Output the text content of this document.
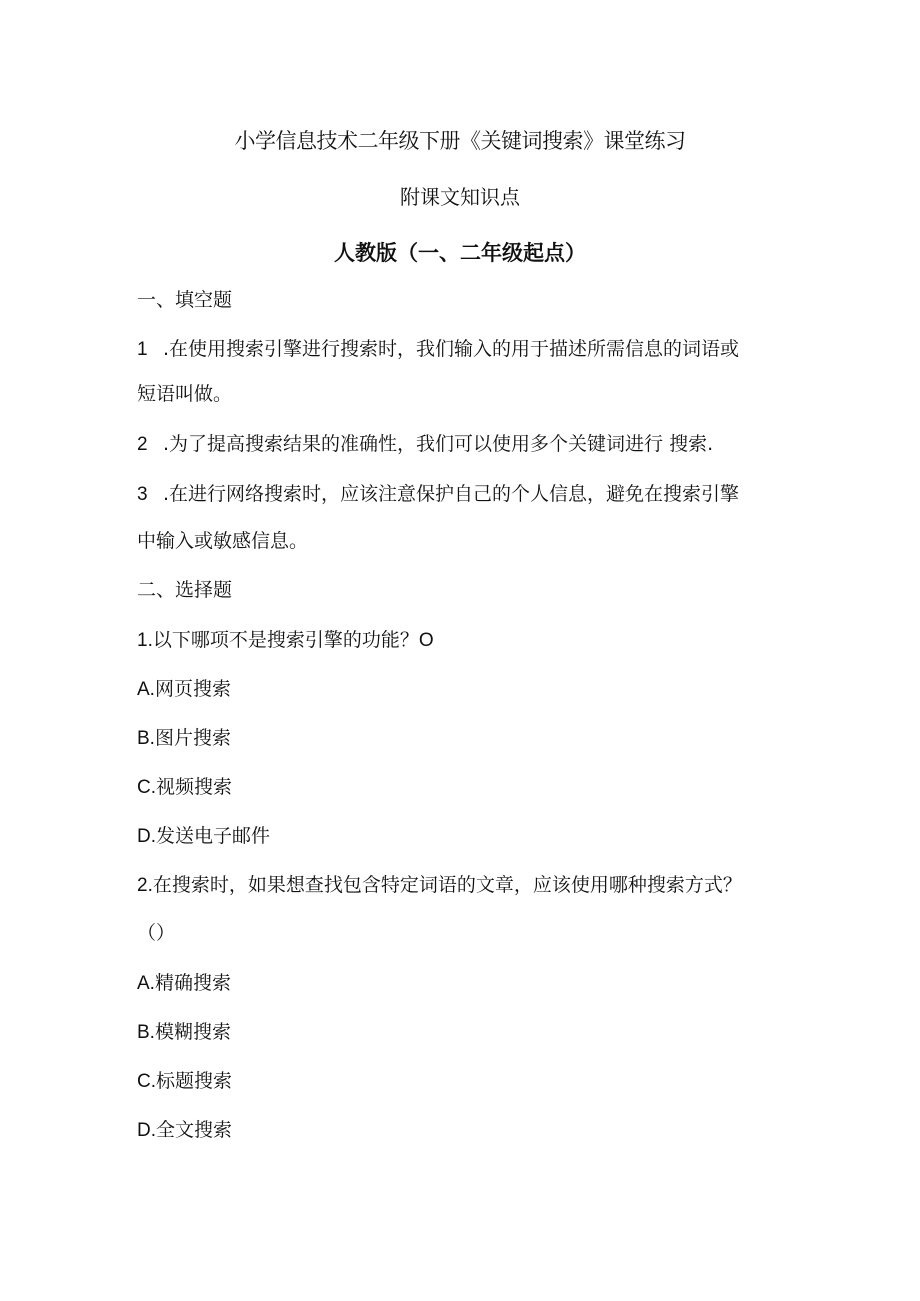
小学信息技术二年级下册《关键词搜索》课堂练习
附课文知识点
人教版（一、二年级起点）
一、填空题
1 .在使用搜索引擎进行搜索时，我们输入的用于描述所需信息的词语或
短语叫做。
2 .为了提高搜索结果的准确性，我们可以使用多个关键词进行 搜索.
3 .在进行网络搜索时，应该注意保护自己的个人信息，避免在搜索引擎
中输入或敏感信息。
二、选择题
1.以下哪项不是搜索引擎的功能？O
A.网页搜索
B.图片搜索
C.视频搜索
D.发送电子邮件
2.在搜索时，如果想查找包含特定词语的文章，应该使用哪种搜索方式？
（）
A.精确搜索
B.模糊搜索
C.标题搜索
D.全文搜索
